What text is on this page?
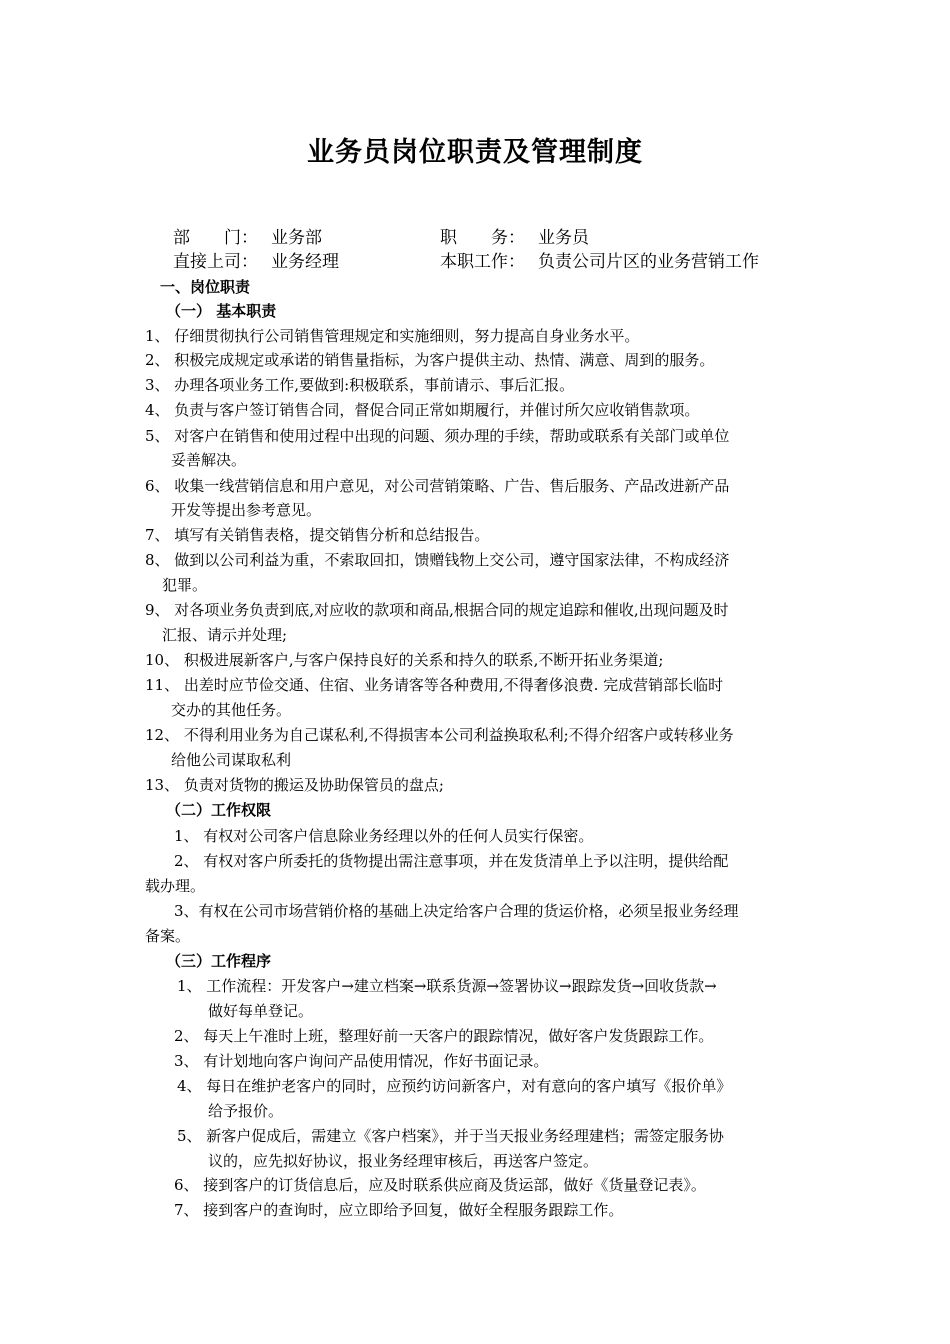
业务员岗位职责及管理制度
部　　门： 业务部	职　　务： 业务员
直接上司： 业务经理	本职工作： 负责公司片区的业务营销工作
一、岗位职责
（一） 基本职责
1、 仔细贯彻执行公司销售管理规定和实施细则，努力提高自身业务水平。
2、 积极完成规定或承诺的销售量指标，为客户提供主动、热情、满意、周到的服务。
3、 办理各项业务工作,要做到:积极联系，事前请示、事后汇报。
4、 负责与客户签订销售合同，督促合同正常如期履行，并催讨所欠应收销售款项。
5、 对客户在销售和使用过程中出现的问题、须办理的手续，帮助或联系有关部门或单位
妥善解决。
6、 收集一线营销信息和用户意见，对公司营销策略、广告、售后服务、产品改进新产品
开发等提出参考意见。
7、 填写有关销售表格，提交销售分析和总结报告。
8、 做到以公司利益为重，不索取回扣，馈赠钱物上交公司，遵守国家法律，不构成经济
犯罪。
9、 对各项业务负责到底,对应收的款项和商品,根据合同的规定追踪和催收,出现问题及时
汇报、请示并处理;
10、 积极进展新客户,与客户保持良好的关系和持久的联系,不断开拓业务渠道;
11、 出差时应节俭交通、住宿、业务请客等各种费用,不得奢侈浪费. 完成营销部长临时
交办的其他任务。
12、 不得利用业务为自己谋私利,不得损害本公司利益换取私利;不得介绍客户或转移业务
给他公司谋取私利
13、 负责对货物的搬运及协助保管员的盘点;
（二）工作权限
1、 有权对公司客户信息除业务经理以外的任何人员实行保密。
2、 有权对客户所委托的货物提出需注意事项，并在发货清单上予以注明，提供给配
载办理。
3、有权在公司市场营销价格的基础上决定给客户合理的货运价格，必须呈报业务经理
备案。
（三）工作程序
1、 工作流程：开发客户→建立档案→联系货源→签署协议→跟踪发货→回收货款→
做好每单登记。
2、 每天上午准时上班，整理好前一天客户的跟踪情况，做好客户发货跟踪工作。
3、 有计划地向客户询问产品使用情况，作好书面记录。
4、 每日在维护老客户的同时，应预约访问新客户，对有意向的客户填写《报价单》
给予报价。
5、 新客户促成后，需建立《客户档案》，并于当天报业务经理建档；需签定服务协
议的，应先拟好协议，报业务经理审核后，再送客户签定。
6、 接到客户的订货信息后，应及时联系供应商及货运部，做好《货量登记表》。
7、 接到客户的查询时，应立即给予回复，做好全程服务跟踪工作。
